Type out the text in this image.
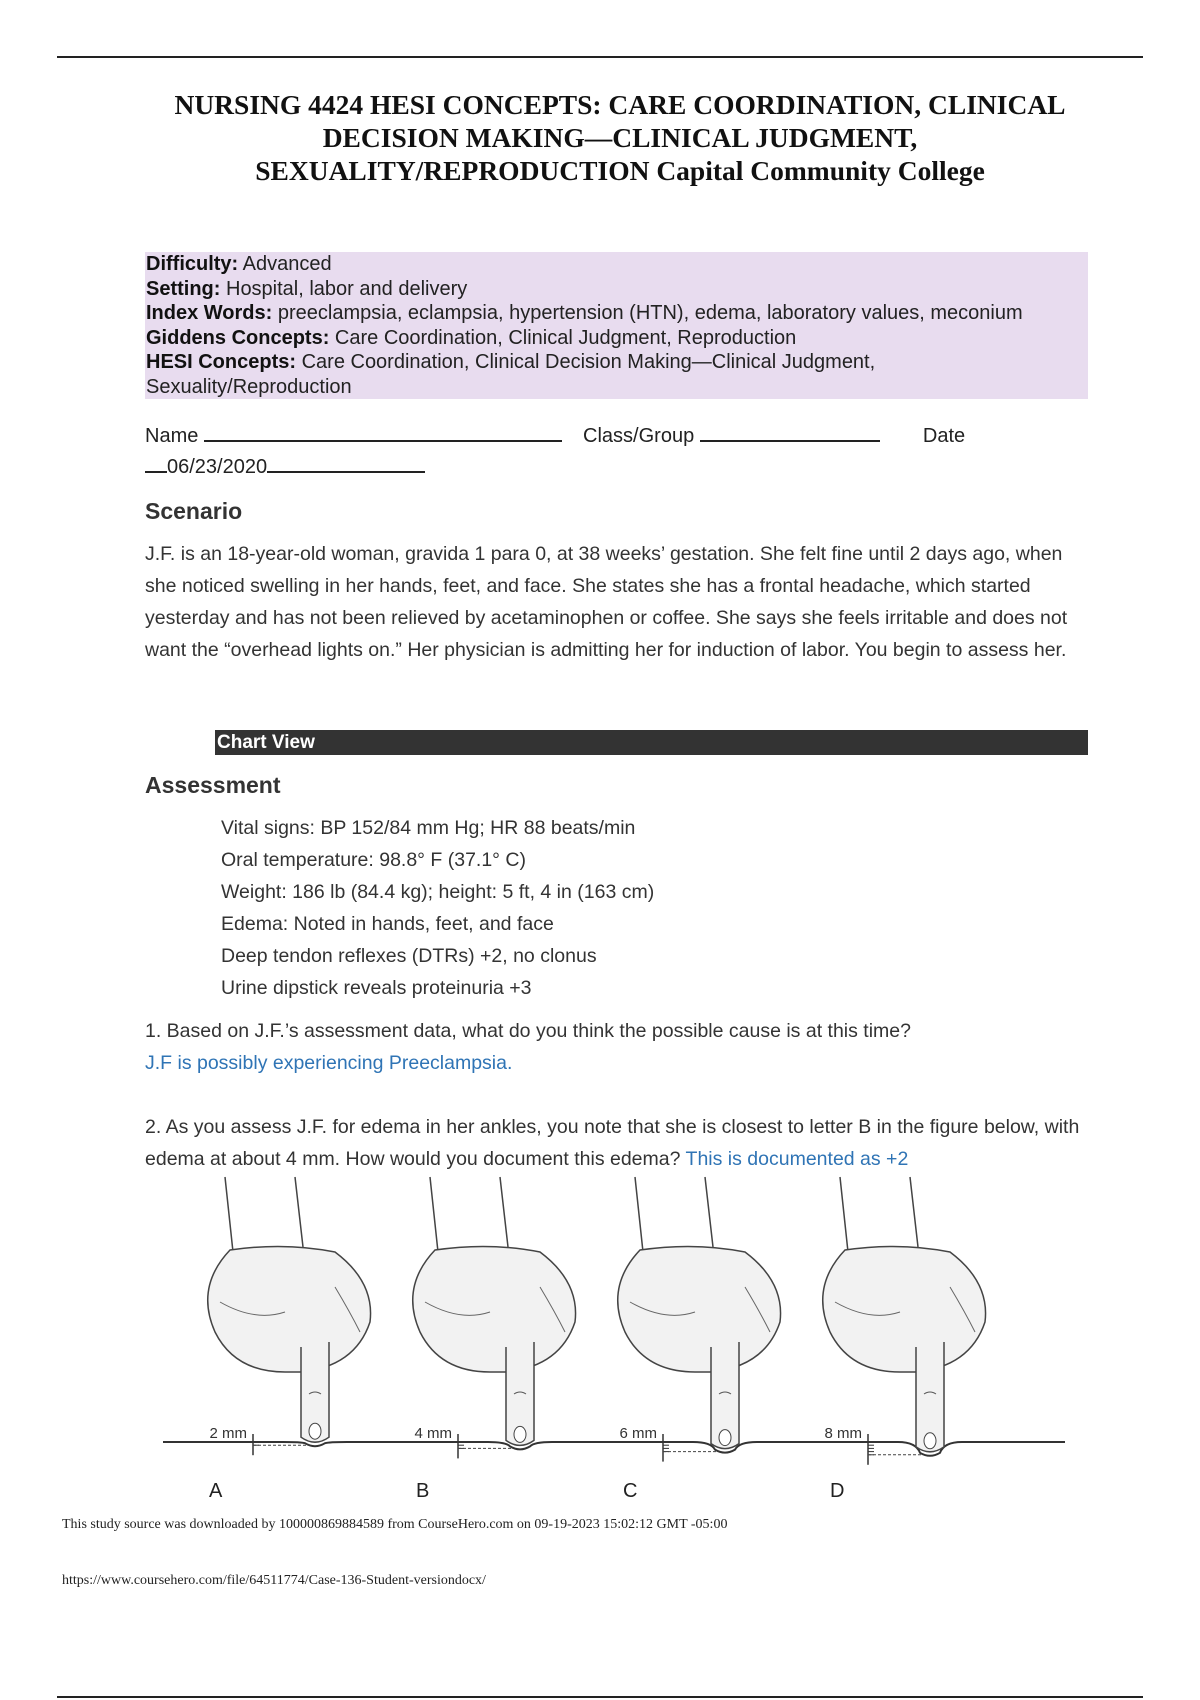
NURSING 4424 HESI CONCEPTS: CARE COORDINATION, CLINICAL
DECISION MAKING—CLINICAL JUDGMENT,
SEXUALITY/REPRODUCTION Capital Community College
Difficulty: Advanced
Setting: Hospital, labor and delivery
Index Words: preeclampsia, eclampsia, hypertension (HTN), edema, laboratory values, meconium
Giddens Concepts: Care Coordination, Clinical Judgment, Reproduction
HESI Concepts: Care Coordination, Clinical Decision Making—Clinical Judgment,
Sexuality/Reproduction
Name	Class/Group	Date
06/23/2020
Scenario
J.F. is an 18-year-old woman, gravida 1 para 0, at 38 weeks’ gestation. She felt fine until 2 days ago, when she noticed swelling in her hands, feet, and face. She states she has a frontal headache, which started yesterday and has not been relieved by acetaminophen or coffee. She says she feels irritable and does not want the “overhead lights on.” Her physician is admitting her for induction of labor. You begin to assess her.
Chart View
Assessment
Vital signs: BP 152/84 mm Hg; HR 88 beats/min
Oral temperature: 98.8° F (37.1° C)
Weight: 186 lb (84.4 kg); height: 5 ft, 4 in (163 cm)
Edema: Noted in hands, feet, and face
Deep tendon reflexes (DTRs) +2, no clonus
Urine dipstick reveals proteinuria +3
1. Based on J.F.’s assessment data, what do you think the possible cause is at this time?
J.F is possibly experiencing Preeclampsia.
2. As you assess J.F. for edema in her ankles, you note that she is closest to letter B in the figure below, with edema at about 4 mm. How would you document this edema? This is documented as +2
2 mm
A
4 mm
B
6 mm
C
8 mm
D
This study source was downloaded by 100000869884589 from CourseHero.com on 09-19-2023 15:02:12 GMT -05:00
https://www.coursehero.com/file/64511774/Case-136-Student-versiondocx/
